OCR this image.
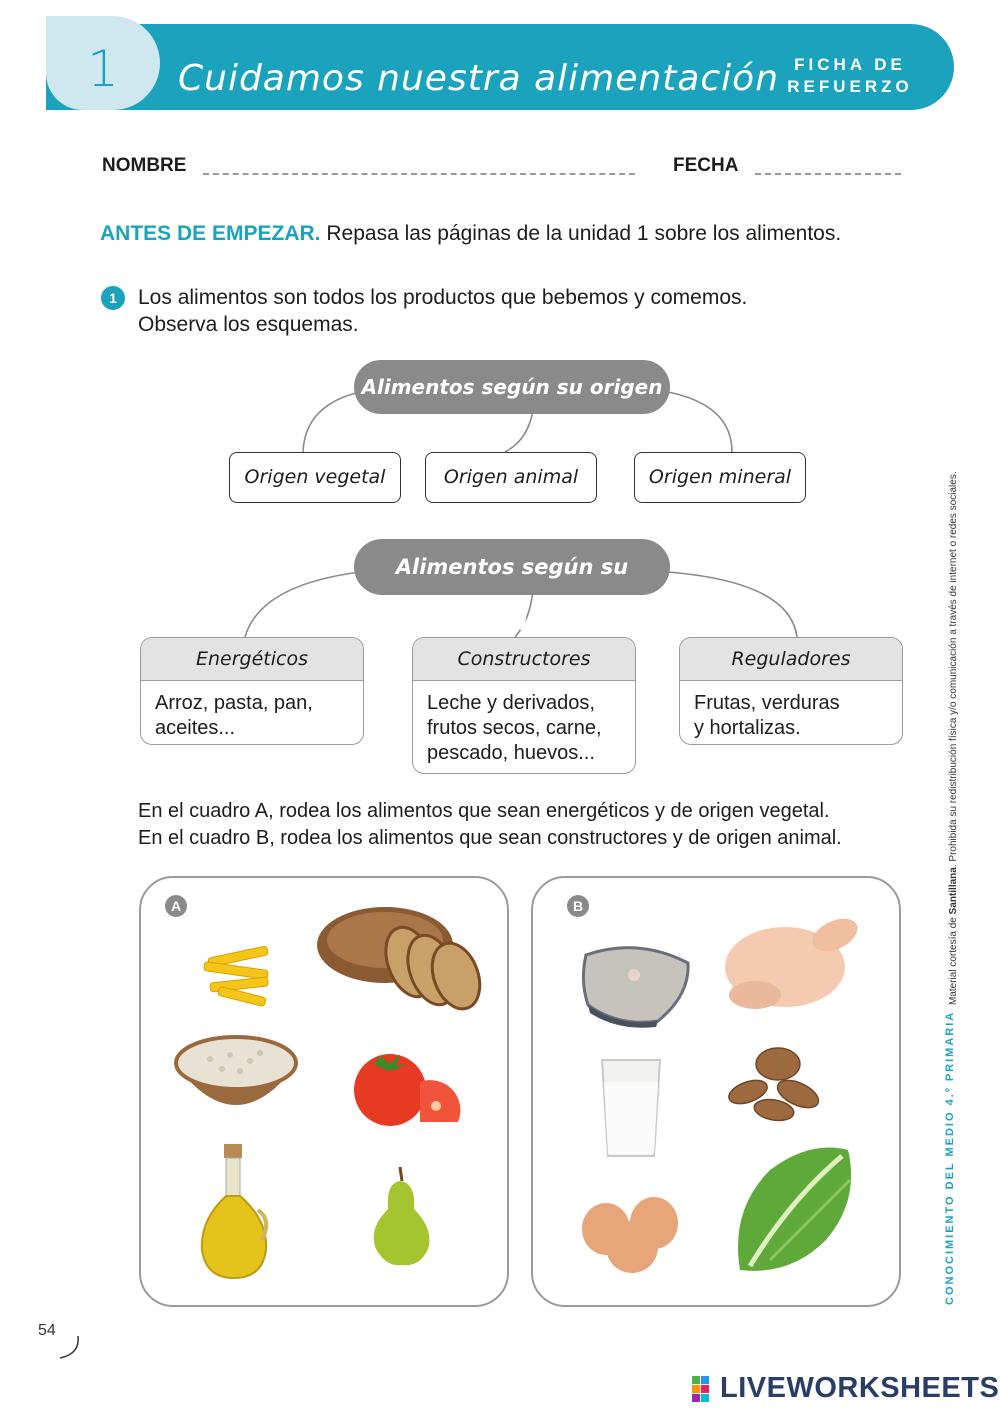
1	Cuidamos nuestra alimentación FICHA DE
REFUERZO
NOMBRE	FECHA
ANTES DE EMPEZAR. Repasa las páginas de la unidad 1 sobre los alimentos.
1	Los alimentos son todos los productos que bebemos y comemos.
Observa los esquemas.
Alimentos según su origen
Origen vegetal	Origen animal	Origen mineral
Alimentos según su función
Energéticos
Arroz, pasta, pan,
aceites...
Constructores
Leche y derivados,
frutos secos, carne,
pescado, huevos...
Reguladores
Frutas, verduras
y hortalizas.
En el cuadro A, rodea los alimentos que sean energéticos y de origen vegetal.
En el cuadro B, rodea los alimentos que sean constructores y de origen animal.
A	B
CONOCIMIENTO DEL MEDIO 4.º PRIMARIA
Material cortesía de Santillana. Prohibida su redistribución física y/o comunicación a través de internet o redes sociales.
54
LIVEWORKSHEETS
